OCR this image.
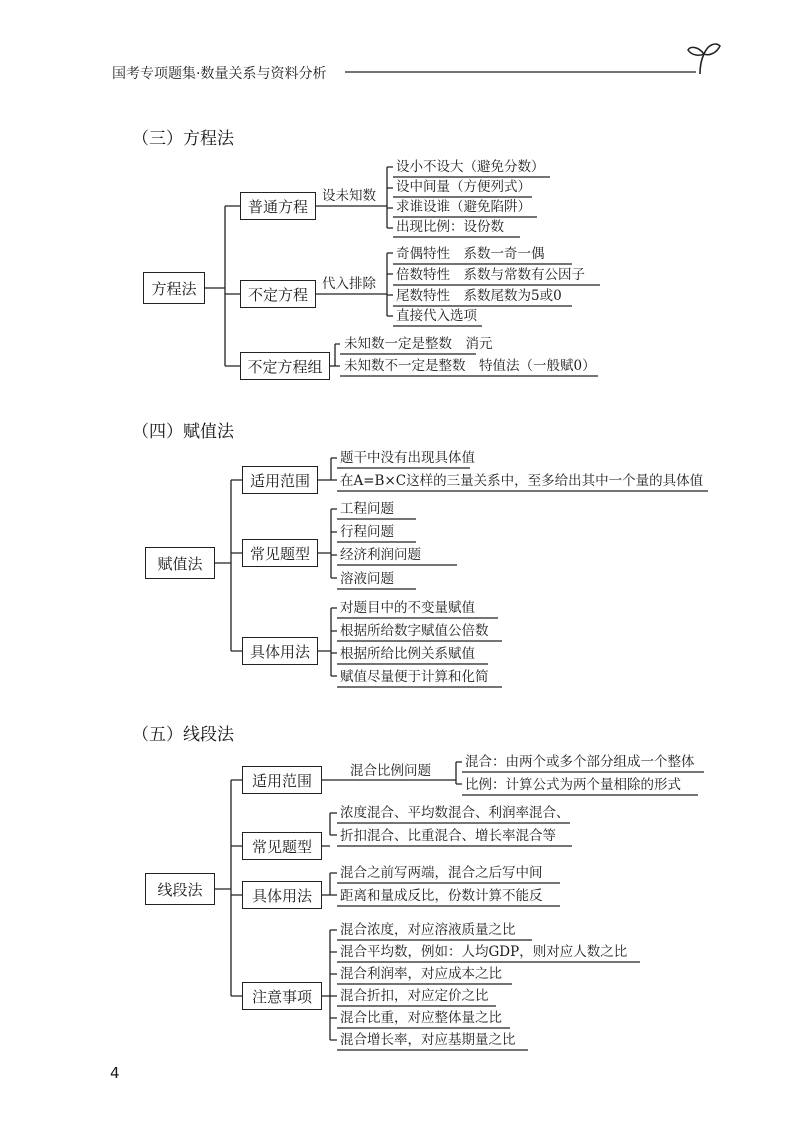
国考专项题集·数量关系与资料分析
（三）方程法
方程法
普通方程
设未知数
设小不设大（避免分数）
设中间量（方便列式）
求谁设谁（避免陷阱）
出现比例：设份数
不定方程
代入排除
奇偶特性　系数一奇一偶
倍数特性　系数与常数有公因子
尾数特性　系数尾数为5或0
直接代入选项
不定方程组
未知数一定是整数　消元
未知数不一定是整数　特值法（一般赋0）
（四）赋值法
赋值法
适用范围
题干中没有出现具体值
在A=B×C这样的三量关系中，至多给出其中一个量的具体值
常见题型
工程问题
行程问题
经济利润问题
溶液问题
具体用法
对题目中的不变量赋值
根据所给数字赋值公倍数
根据所给比例关系赋值
赋值尽量便于计算和化简
（五）线段法
线段法
适用范围
混合比例问题
混合：由两个或多个部分组成一个整体
比例：计算公式为两个量相除的形式
常见题型
浓度混合、平均数混合、利润率混合、
折扣混合、比重混合、增长率混合等
具体用法
混合之前写两端，混合之后写中间
距离和量成反比，份数计算不能反
注意事项
混合浓度，对应溶液质量之比
混合平均数，例如：人均GDP，则对应人数之比
混合利润率，对应成本之比
混合折扣，对应定价之比
混合比重，对应整体量之比
混合增长率，对应基期量之比
4
